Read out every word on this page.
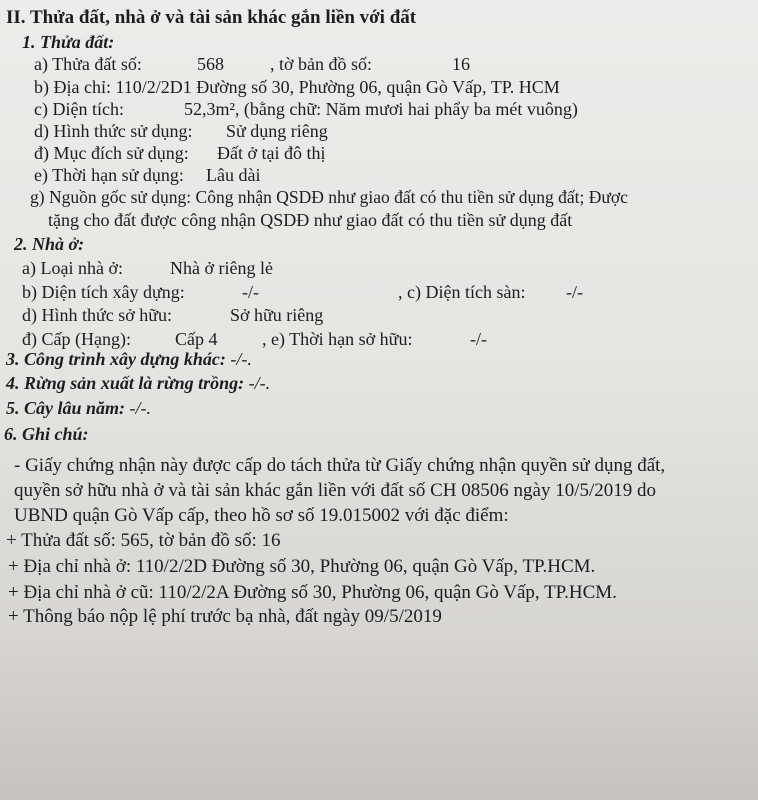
II. Thửa đất, nhà ở và tài sản khác gắn liền với đất
1. Thửa đất:
a) Thửa đất số:	568	, tờ bản đồ số:	16
b) Địa chỉ: 110/2/2D1 Đường số 30, Phường 06, quận Gò Vấp, TP. HCM
c) Diện tích:	52,3m², (bằng chữ: Năm mươi hai phẩy ba mét vuông)
d) Hình thức sử dụng: Sử dụng riêng
đ) Mục đích sử dụng: Đất ở tại đô thị
e) Thời hạn sử dụng: Lâu dài
g) Nguồn gốc sử dụng: Công nhận QSDĐ như giao đất có thu tiền sử dụng đất; Được
tặng cho đất được công nhận QSDĐ như giao đất có thu tiền sử dụng đất
2. Nhà ở:
a) Loại nhà ở:	Nhà ở riêng lẻ
b) Diện tích xây dựng:	-/-	, c) Diện tích sàn: -/-
d) Hình thức sở hữu:	Sở hữu riêng
đ) Cấp (Hạng): Cấp 4 , e) Thời hạn sở hữu:	-/-
3. Công trình xây dựng khác: -/-.
4. Rừng sản xuất là rừng trồng: -/-.
5. Cây lâu năm: -/-.
6. Ghi chú:
- Giấy chứng nhận này được cấp do tách thửa từ Giấy chứng nhận quyền sử dụng đất,
quyền sở hữu nhà ở và tài sản khác gắn liền với đất số CH 08506 ngày 10/5/2019 do
UBND quận Gò Vấp cấp, theo hồ sơ số 19.015002 với đặc điểm:
+ Thửa đất số: 565, tờ bản đồ số: 16
+ Địa chỉ nhà ở: 110/2/2D Đường số 30, Phường 06, quận Gò Vấp, TP.HCM.
+ Địa chỉ nhà ở cũ: 110/2/2A Đường số 30, Phường 06, quận Gò Vấp, TP.HCM.
+ Thông báo nộp lệ phí trước bạ nhà, đất ngày 09/5/2019
